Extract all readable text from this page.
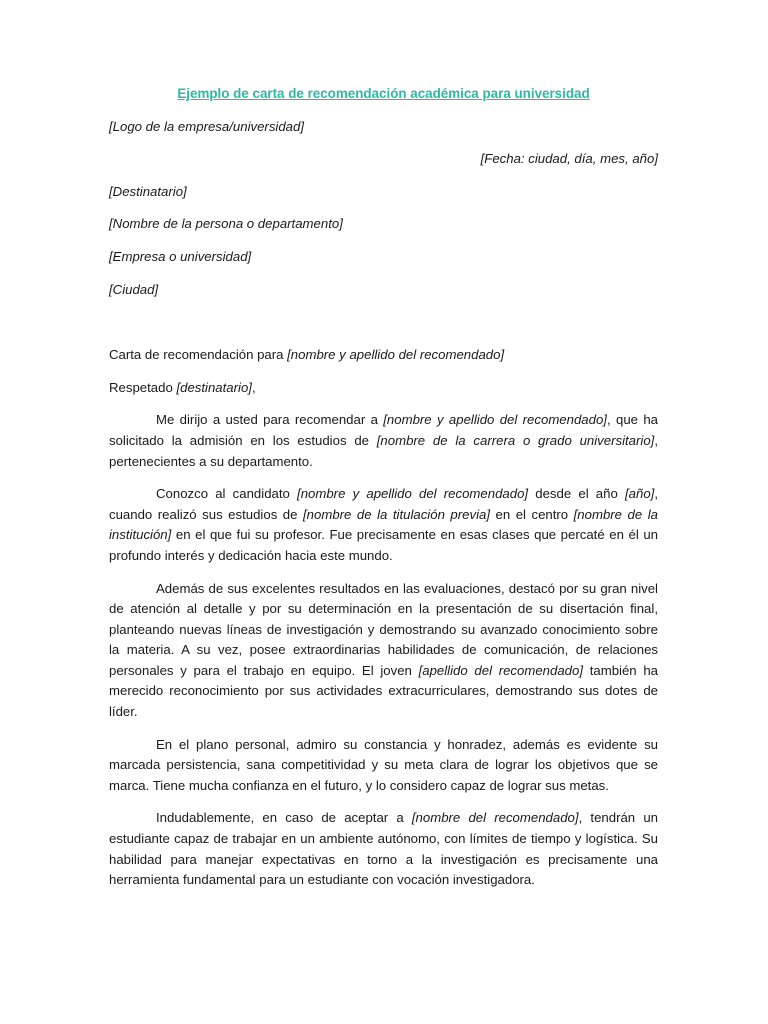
Ejemplo de carta de recomendación académica para universidad
[Logo de la empresa/universidad]
[Fecha: ciudad, día, mes, año]
[Destinatario]
[Nombre de la persona o departamento]
[Empresa o universidad]
[Ciudad]

Carta de recomendación para [nombre y apellido del recomendado]

Respetado [destinatario],

Me dirijo a usted para recomendar a [nombre y apellido del recomendado], que ha solicitado la admisión en los estudios de [nombre de la carrera o grado universitario], pertenecientes a su departamento.

Conozco al candidato [nombre y apellido del recomendado] desde el año [año], cuando realizó sus estudios de [nombre de la titulación previa] en el centro [nombre de la institución] en el que fui su profesor. Fue precisamente en esas clases que percaté en él un profundo interés y dedicación hacia este mundo.

Además de sus excelentes resultados en las evaluaciones, destacó por su gran nivel de atención al detalle y por su determinación en la presentación de su disertación final, planteando nuevas líneas de investigación y demostrando su avanzado conocimiento sobre la materia. A su vez, posee extraordinarias habilidades de comunicación, de relaciones personales y para el trabajo en equipo. El joven [apellido del recomendado] también ha merecido reconocimiento por sus actividades extracurriculares, demostrando sus dotes de líder.

En el plano personal, admiro su constancia y honradez, además es evidente su marcada persistencia, sana competitividad y su meta clara de lograr los objetivos que se marca. Tiene mucha confianza en el futuro, y lo considero capaz de lograr sus metas.

Indudablemente, en caso de aceptar a [nombre del recomendado], tendrán un estudiante capaz de trabajar en un ambiente autónomo, con límites de tiempo y logística. Su habilidad para manejar expectativas en torno a la investigación es precisamente una herramienta fundamental para un estudiante con vocación investigadora.
